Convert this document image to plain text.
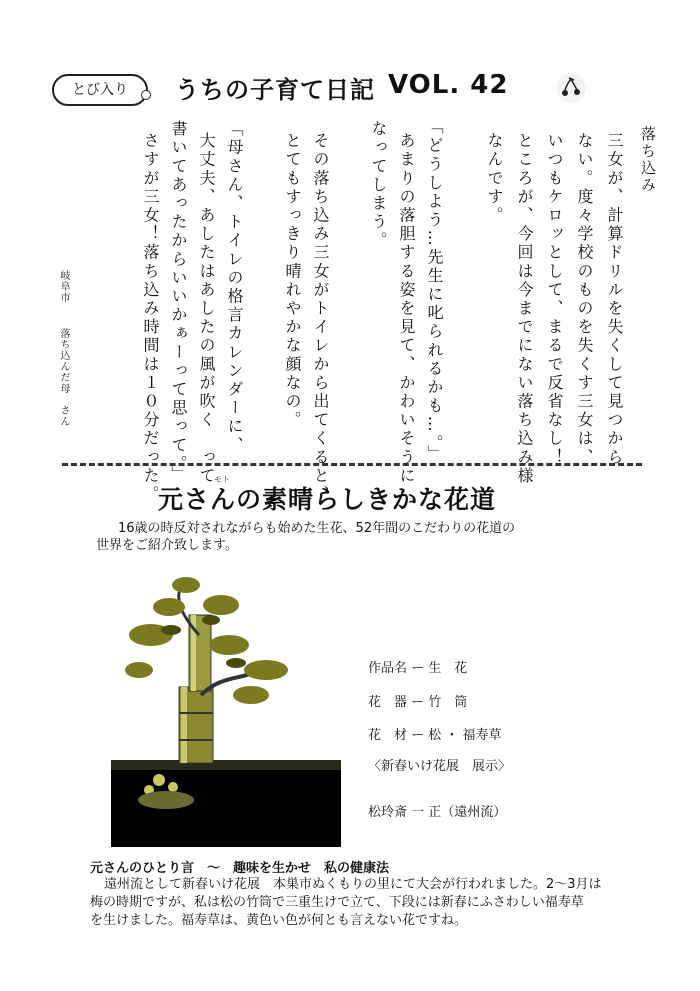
とび入り	うちの子育て日記 VOL. 42
落ち込み
三女が、計算ドリルを失くして見つから
ない。度々学校のものを失くす三女は、
いつもケロッとして、まるで反省なし！
ところが、今回は今までにない落ち込み様
なんです。
「どうしよう…先生に叱られるかも…。」
あまりの落胆する姿を見て、かわいそうに
なってしまう。
その落ち込み三女がトイレから出てくると、
とてもすっきり晴れやかな顔なの。
「母さん、トイレの格言カレンダーに、
大丈夫、あしたはあしたの風が吹く　って
書いてあったからいいかぁーって思って。」
さすが三女！落ち込み時間は１０分だった。
岐阜市
落ち込んだ母　さん
モト
元さんの素晴らしきかな花道
16歳の時反対されながらも始めた生花、52年間のこだわりの花道の
世界をご紹介致します。
作品名 ー 生　花
花　器 ー 竹　筒
花　材 ー 松 ・ 福寿草
〈新春いけ花展　展示〉
松玲斎 一 正（遠州流）
元さんのひとり言　～　趣味を生かせ　私の健康法
遠州流として新春いけ花展　本巣市ぬくもりの里にて大会が行われました。2～3月は
梅の時期ですが、私は松の竹筒で三重生けで立て、下段には新春にふさわしい福寿草
を生けました。福寿草は、黄色い色が何とも言えない花ですね。
